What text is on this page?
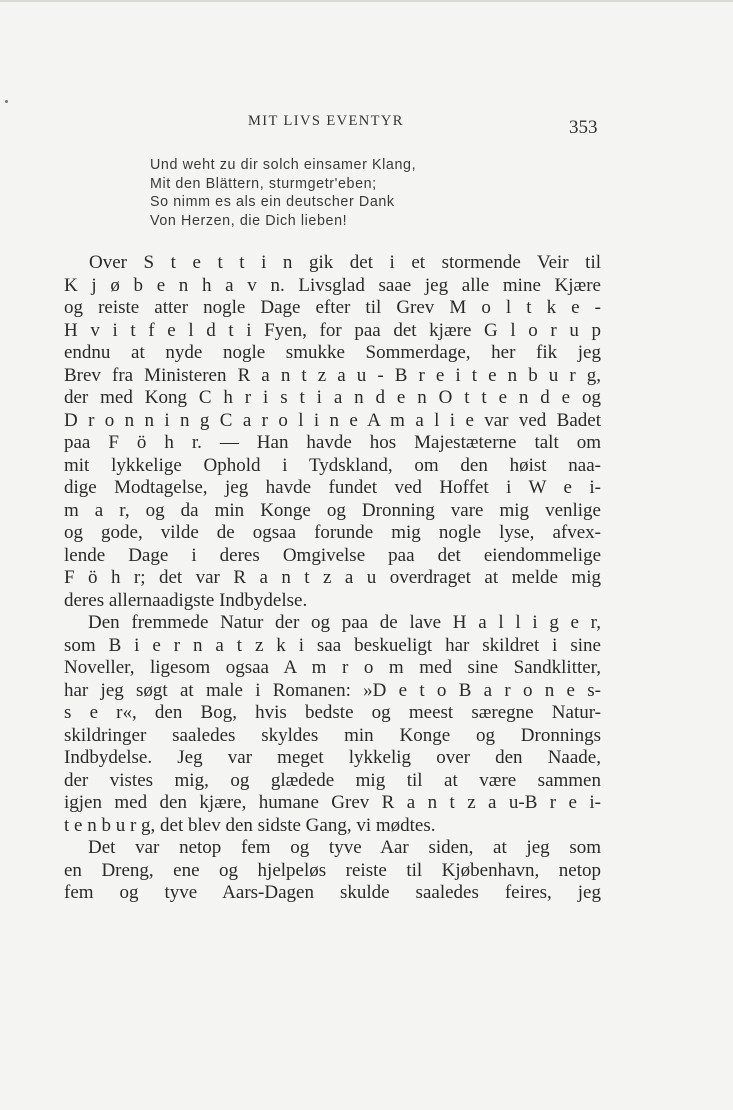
MIT LIVS EVENTYR	353
Und weht zu dir solch einsamer Klang,
Mit den Blättern, sturmgetr'eben;
So nimm es als ein deutscher Dank
Von Herzen, die Dich lieben!
Over S t e t t i n gik det i et stormende Veir til
K j ø b e n h a v n. Livsglad saae jeg alle mine Kjære
og reiste atter nogle Dage efter til Grev M o l t k e -
H v i t f e l d t i Fyen, for paa det kjære G l o r u p
endnu at nyde nogle smukke Sommerdage, her fik jeg
Brev fra Ministeren R a n t z a u - B r e i t e n b u r g,
der med Kong C h r i s t i a n d e n O t t e n d e og
D r o n n i n g C a r o l i n e A m a l i e var ved Badet
paa F ö h r. — Han havde hos Majestæterne talt om
mit lykkelige Ophold i Tydskland, om den høist naa-
dige Modtagelse, jeg havde fundet ved Hoffet i W e i-
m a r, og da min Konge og Dronning vare mig venlige
og gode, vilde de ogsaa forunde mig nogle lyse, afvex-
lende Dage i deres Omgivelse paa det eiendommelige
F ö h r; det var R a n t z a u overdraget at melde mig
deres allernaadigste Indbydelse.
Den fremmede Natur der og paa de lave H a l l i g e r,
som B i e r n a t z k i saa beskueligt har skildret i sine
Noveller, ligesom ogsaa A m r o m med sine Sandklitter,
har jeg søgt at male i Romanen: »D e t o B a r o n e s-
s e r«, den Bog, hvis bedste og meest særegne Natur-
skildringer saaledes skyldes min Konge og Dronnings
Indbydelse. Jeg var meget lykkelig over den Naade,
der vistes mig, og glædede mig til at være sammen
igjen med den kjære, humane Grev R a n t z a u-B r e i-
t e n b u r g, det blev den sidste Gang, vi mødtes.
Det var netop fem og tyve Aar siden, at jeg som
en Dreng, ene og hjelpeløs reiste til Kjøbenhavn, netop
fem og tyve Aars-Dagen skulde saaledes feires, jeg
